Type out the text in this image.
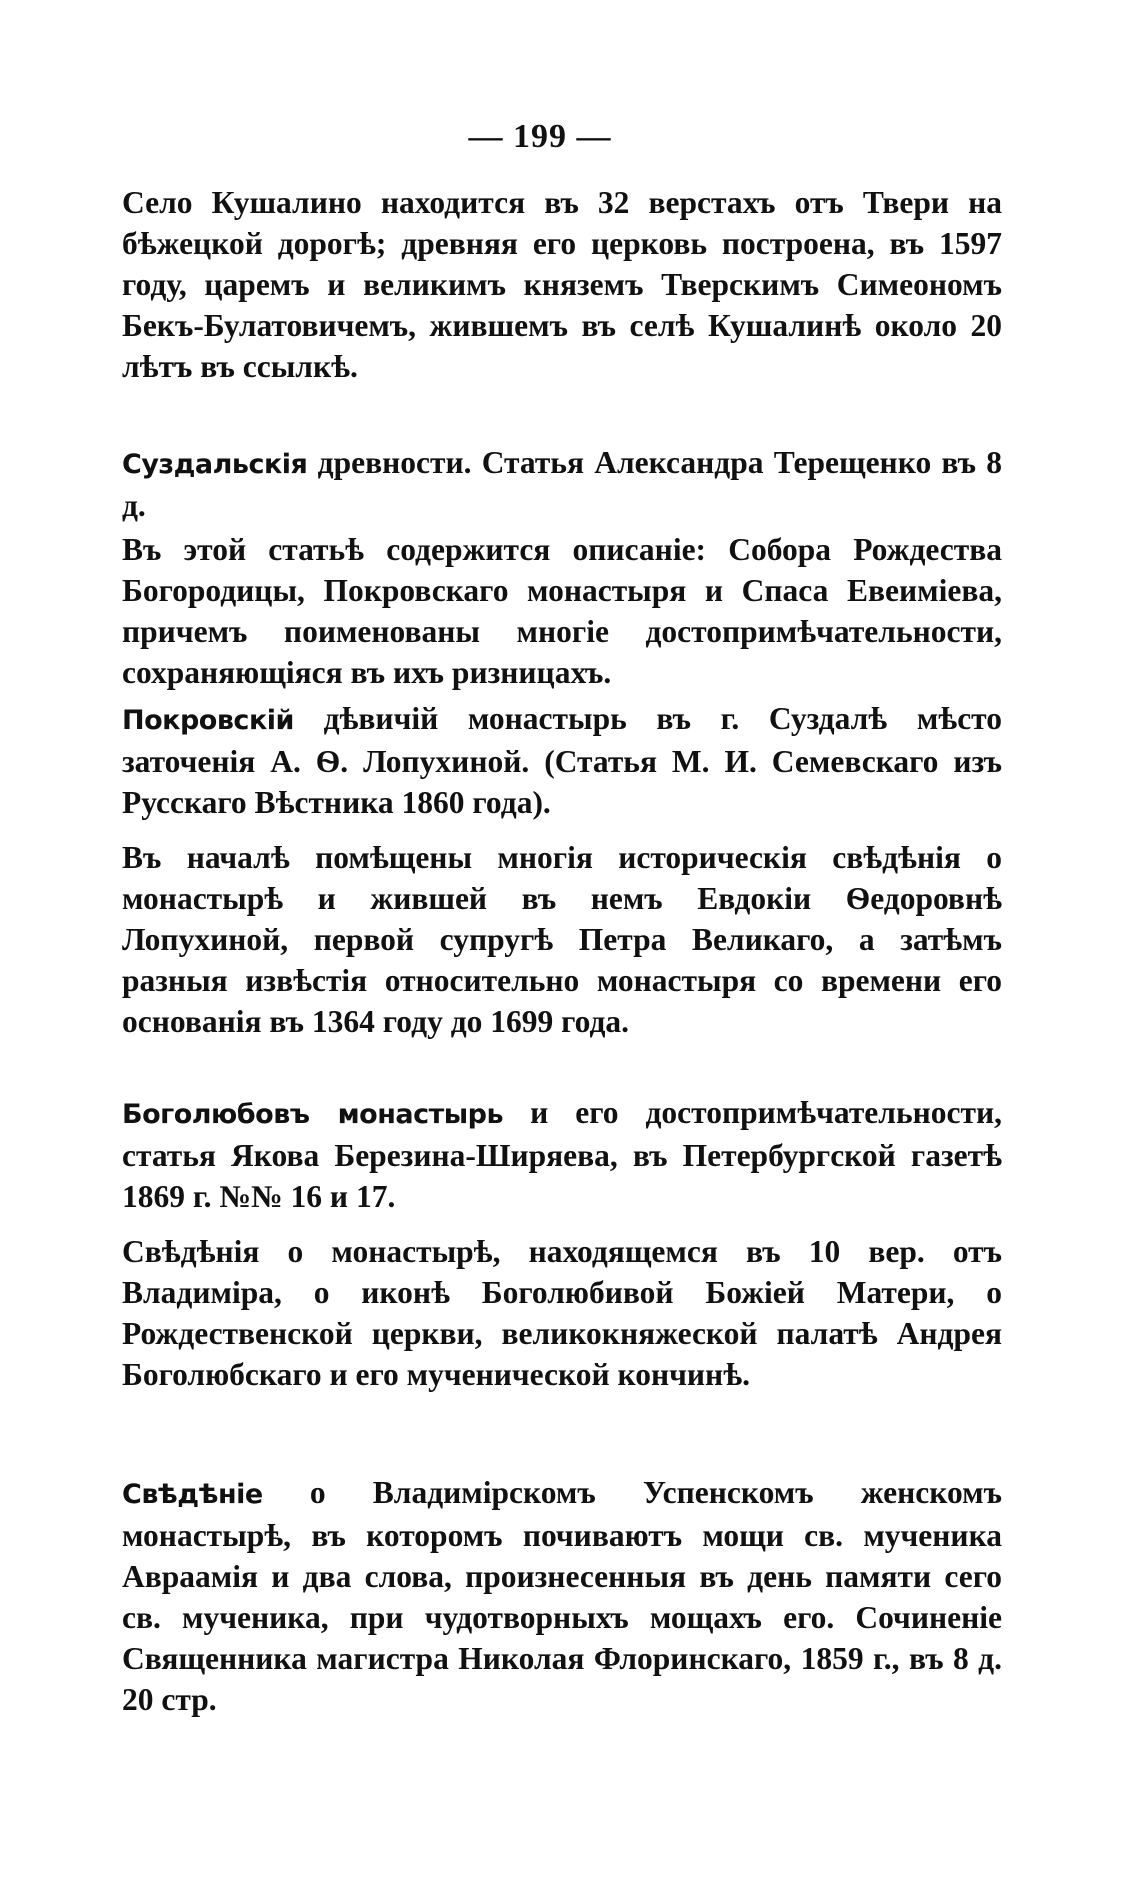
— 199 —

Село Кушалино находится въ 32 верстахъ отъ Твери на бѣжецкой дорогѣ; древняя его церковь построена, въ 1597 году, царемъ и великимъ княземъ Тверскимъ Симеономъ Бекъ-Булатовичемъ, жившемъ въ селѣ Кушалинѣ около 20 лѣтъ въ ссылкѣ.

Суздальскія древности. Статья Александра Терещенко въ 8 д.

Въ этой статьѣ содержится описаніе: Собора Рождества Богородицы, Покровскаго монастыря и Спаса Евеиміева, причемъ поименованы многіе достопримѣчательности, сохраняющіяся въ ихъ ризницахъ.

Покровскій дѣвичій монастырь въ г. Суздалѣ мѣсто заточенія А. Ѳ. Лопухиной. (Статья М. И. Семевскаго изъ Русскаго Вѣстника 1860 года).

Въ началѣ помѣщены многія историческія свѣдѣнія о монастырѣ и жившей въ немъ Евдокіи Ѳедоровнѣ Лопухиной, первой супругѣ Петра Великаго, а затѣмъ разныя извѣстія относительно монастыря со времени его основанія въ 1364 году до 1699 года.

Боголюбовъ монастырь и его достопримѣчательности, статья Якова Березина-Ширяева, въ Петербургской газетѣ 1869 г. №№ 16 и 17.

Свѣдѣнія о монастырѣ, находящемся въ 10 вер. отъ Владиміра, о иконѣ Боголюбивой Божіей Матери, о Рождественской церкви, великокняжеской палатѣ Андрея Боголюбскаго и его мученической кончинѣ.

Свѣдѣніе о Владимірскомъ Успенскомъ женскомъ монастырѣ, въ которомъ почиваютъ мощи св. мученика Авраамія и два слова, произнесенныя въ день памяти сего св. мученика, при чудотворныхъ мощахъ его. Сочиненіе Священника магистра Николая Флоринскаго, 1859 г., въ 8 д. 20 стр.
